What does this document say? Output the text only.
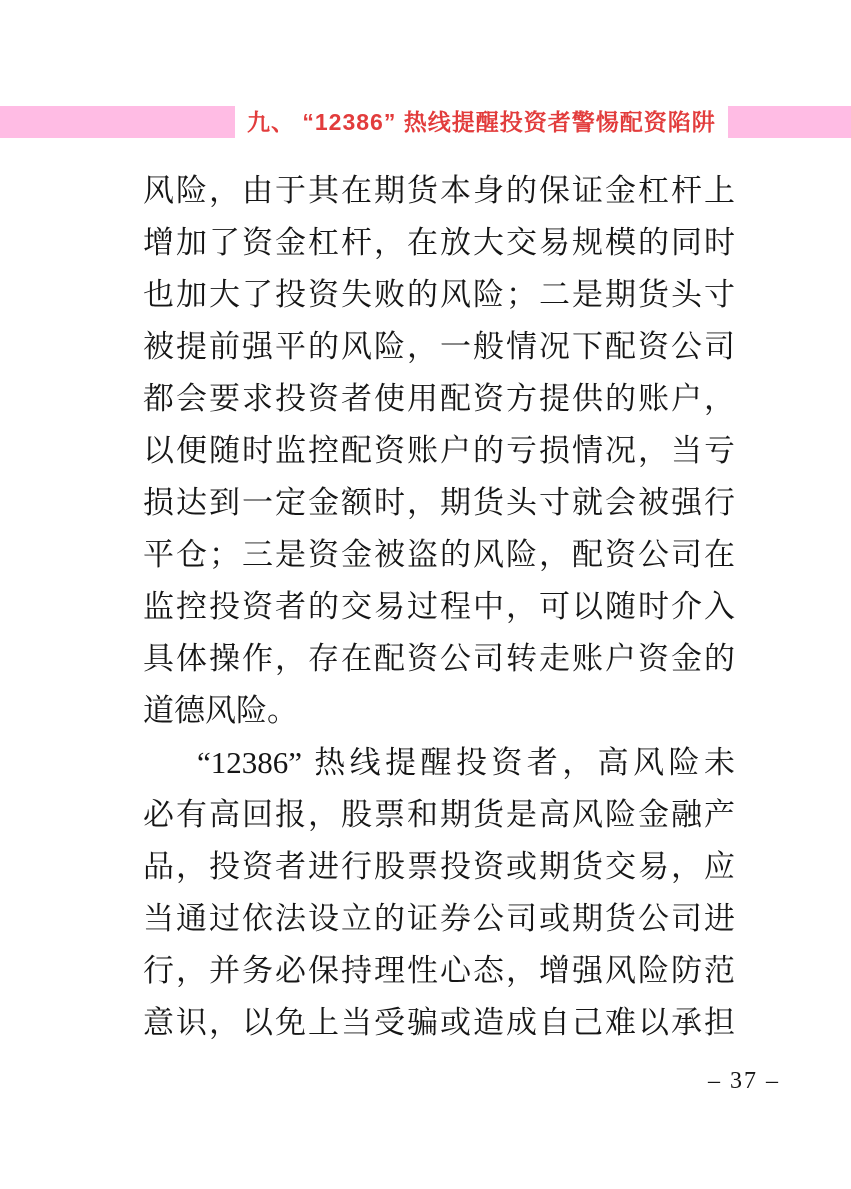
九、 “12386” 热线提醒投资者警惕配资陷阱
风险，由于其在期货本身的保证金杠杆上
增加了资金杠杆，在放大交易规模的同时
也加大了投资失败的风险；二是期货头寸
被提前强平的风险，一般情况下配资公司
都会要求投资者使用配资方提供的账户，
以便随时监控配资账户的亏损情况，当亏
损达到一定金额时，期货头寸就会被强行
平仓；三是资金被盗的风险，配资公司在
监控投资者的交易过程中，可以随时介入
具体操作，存在配资公司转走账户资金的
道德风险。
“12386” 热线提醒投资者，高风险未
必有高回报，股票和期货是高风险金融产
品，投资者进行股票投资或期货交易，应
当通过依法设立的证券公司或期货公司进
行，并务必保持理性心态，增强风险防范
意识，以免上当受骗或造成自己难以承担
– 37 –
